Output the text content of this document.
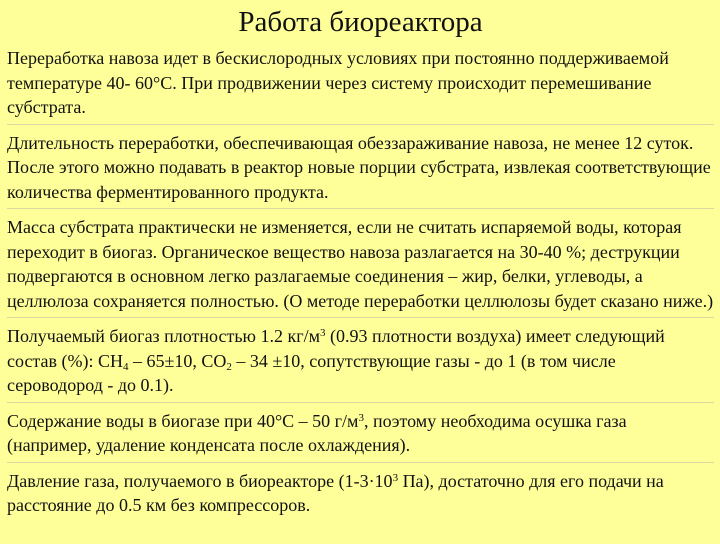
Работа биореактора

Переработка навоза идет в бескислородных условиях при постоянно поддерживаемой температуре 40- 60°С. При продвижении через систему происходит перемешивание субстрата.

Длительность переработки, обеспечивающая обеззараживание навоза, не менее 12 суток. После этого можно подавать в реактор новые порции субстрата, извлекая соответствующие количества ферментированного продукта.

Масса субстрата практически не изменяется, если не считать испаряемой воды, которая переходит в биогаз. Органическое вещество навоза разлагается на 30-40 %; деструкции подвергаются в основном легко разлагаемые соединения – жир, белки, углеводы, а целлюлоза сохраняется полностью. (О методе переработки целлюлозы будет сказано ниже.)

Получаемый биогаз плотностью 1.2 $кг/м^3$ (0.93 плотности воздуха) имеет следующий состав (%): $СН_4 - 65\pm 10$, $СО_2 - 34 \pm 10$, сопутствующие газы - до 1 (в том числе сероводород - до 0.1).

Содержание воды в биогазе при 40°С – 50 $г/м^3$, поэтому необходима осушка газа (например, удаление конденсата после охлаждения).

Давление газа, получаемого в биореакторе ($1-3\cdot 10^3$ Па), достаточно для его подачи на расстояние до 0.5 км без компрессоров.
